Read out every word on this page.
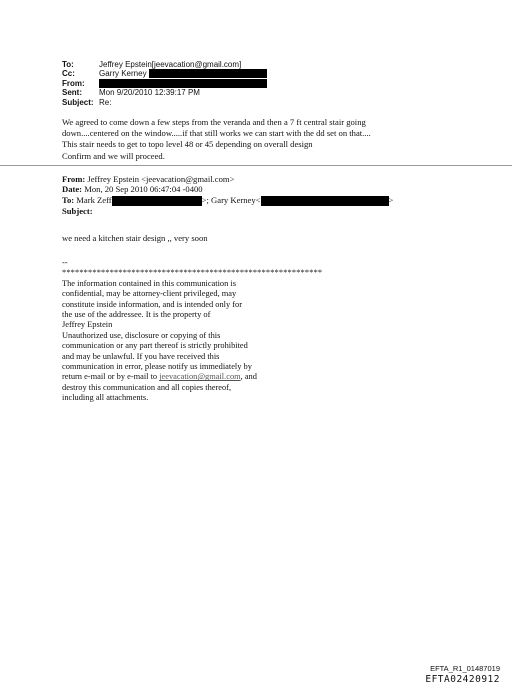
To:	Jeffrey Epstein[jeevacation@gmail.com]
Cc:	Garry Kerney
From:
Sent:	Mon 9/20/2010 12:39:17 PM
Subject: Re:
We agreed to come down a few steps from the veranda and then a 7 ft central stair going
down....centered on the window.....if that still works we can start with the dd set on that....
This stair needs to get to topo level 48 or 45 depending on overall design
Confirm and we will proceed.
From: Jeffrey Epstein <jeevacation@gmail.com>
Date: Mon, 20 Sep 2010 06:47:04 -0400
To: Mark Zeff	>; Gary Kerney<	>
Subject:
we need a kitchen stair design ,, very soon
--
************************************************************
The information contained in this communication is
confidential, may be attorney-client privileged, may
constitute inside information, and is intended only for
the use of the addressee. It is the property of
Jeffrey Epstein
Unauthorized use, disclosure or copying of this
communication or any part thereof is strictly prohibited
and may be unlawful. If you have received this
communication in error, please notify us immediately by
return e-mail or by e-mail to jeevacation@gmail.com, and
destroy this communication and all copies thereof,
including all attachments.
EFTA_R1_01487019
EFTA02420912
